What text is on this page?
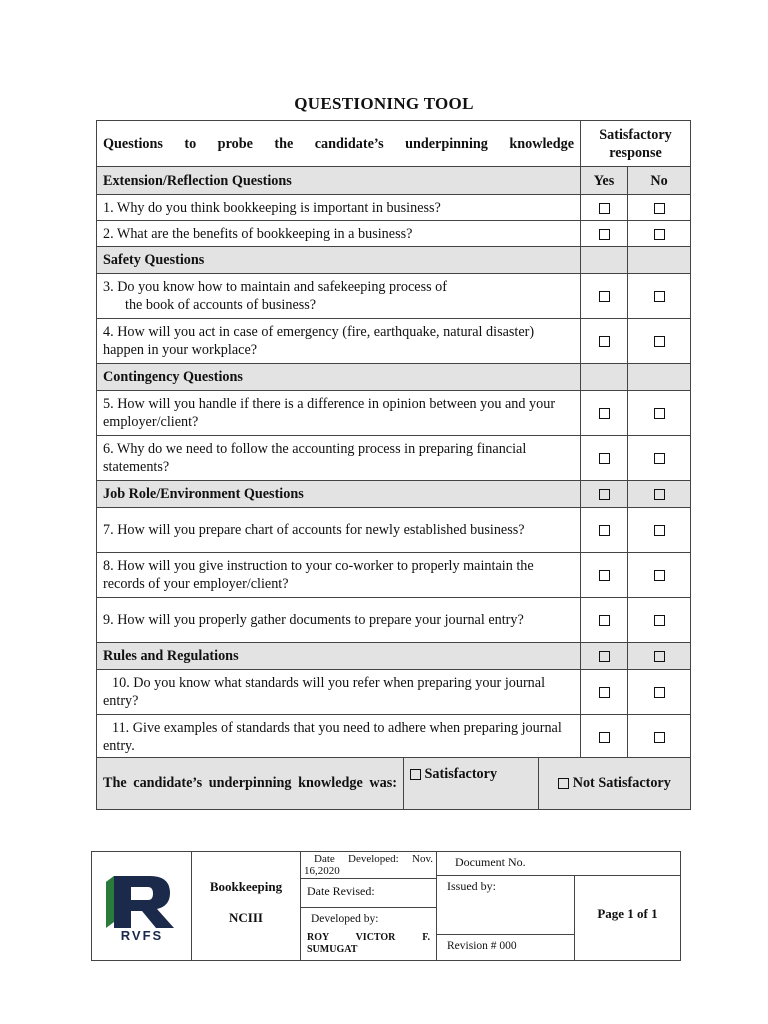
QUESTIONING TOOL
Questions to probe the candidate’s underpinning knowledge	Satisfactory response	
Extension/Reflection Questions	Yes	No
1. Why do you think bookkeeping is important in business?		
2. What are the benefits of bookkeeping in a business?		
Safety Questions		
3. Do you know how to maintain and safekeeping process of
the book of accounts of business?		
4. How will you act in case of emergency (fire, earthquake, natural disaster) happen in your workplace?		
Contingency Questions		
5. How will you handle if there is a difference in opinion between you and your employer/client?		
6. Why do we need to follow the accounting process in preparing financial statements?		
Job Role/Environment Questions		
7. How will you prepare chart of accounts for newly established business?		
8. How will you give instruction to your co-worker to properly maintain the records of your employer/client?		
9. How will you properly gather documents to prepare your journal entry?		
Rules and Regulations		
10. Do you know what standards will you refer when preparing your journal entry?		
11. Give examples of standards that you need to adhere when preparing journal entry.		
The candidate’s underpinning knowledge was:	Satisfactory	Not Satisfactory
RVFS
Bookkeeping
NCIII
Date Developed: Nov. 16,2020
Date Revised:
Developed by:
ROY VICTOR F. SUMUGAT
Document No.
Issued by:
Revision # 000
Page 1 of 1
